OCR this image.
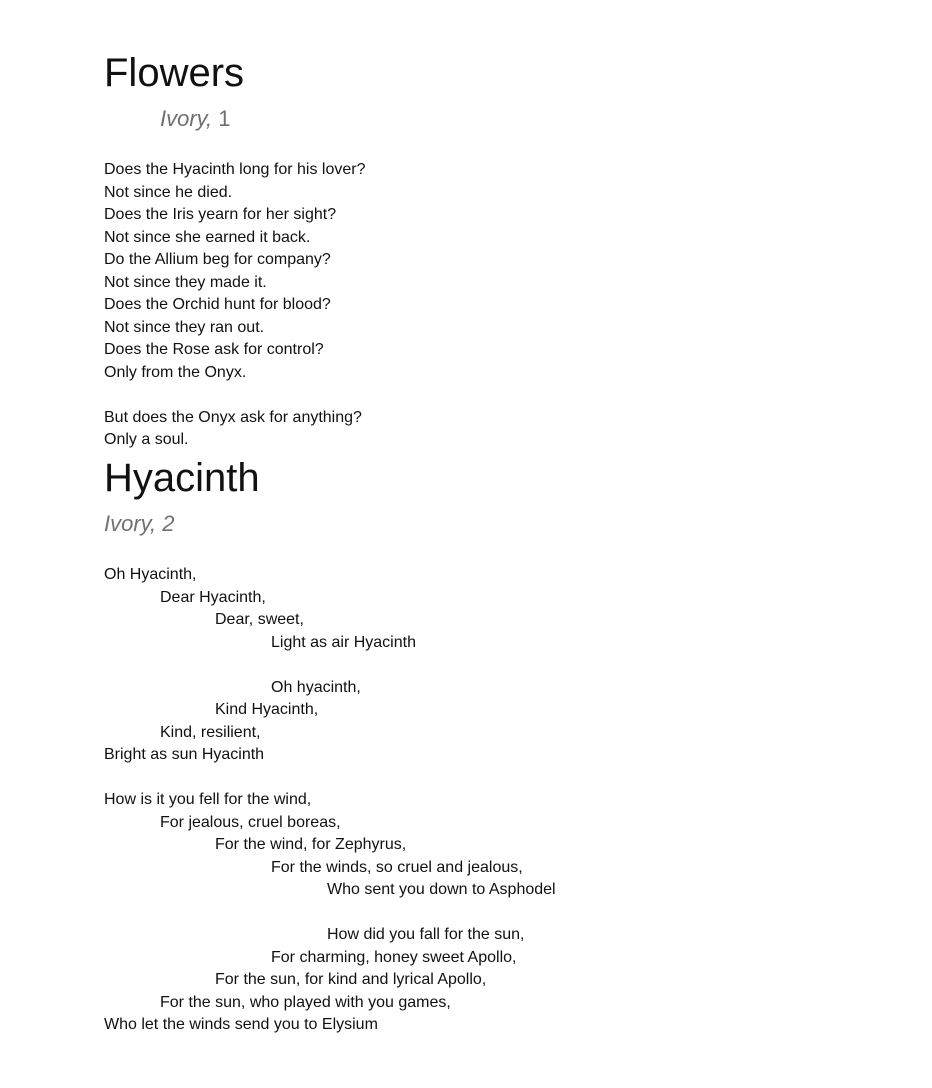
Flowers
Ivory, 1
Does the Hyacinth long for his lover?
Not since he died.
Does the Iris yearn for her sight?
Not since she earned it back.
Do the Allium beg for company?
Not since they made it.
Does the Orchid hunt for blood?
Not since they ran out.
Does the Rose ask for control?
Only from the Onyx.
But does the Onyx ask for anything?
Only a soul.
Hyacinth
Ivory, 2
Oh Hyacinth,
Dear Hyacinth,
Dear, sweet,
Light as air Hyacinth
Oh hyacinth,
Kind Hyacinth,
Kind, resilient,
Bright as sun Hyacinth
How is it you fell for the wind,
For jealous, cruel boreas,
For the wind, for Zephyrus,
For the winds, so cruel and jealous,
Who sent you down to Asphodel
How did you fall for the sun,
For charming, honey sweet Apollo,
For the sun, for kind and lyrical Apollo,
For the sun, who played with you games,
Who let the winds send you to Elysium
